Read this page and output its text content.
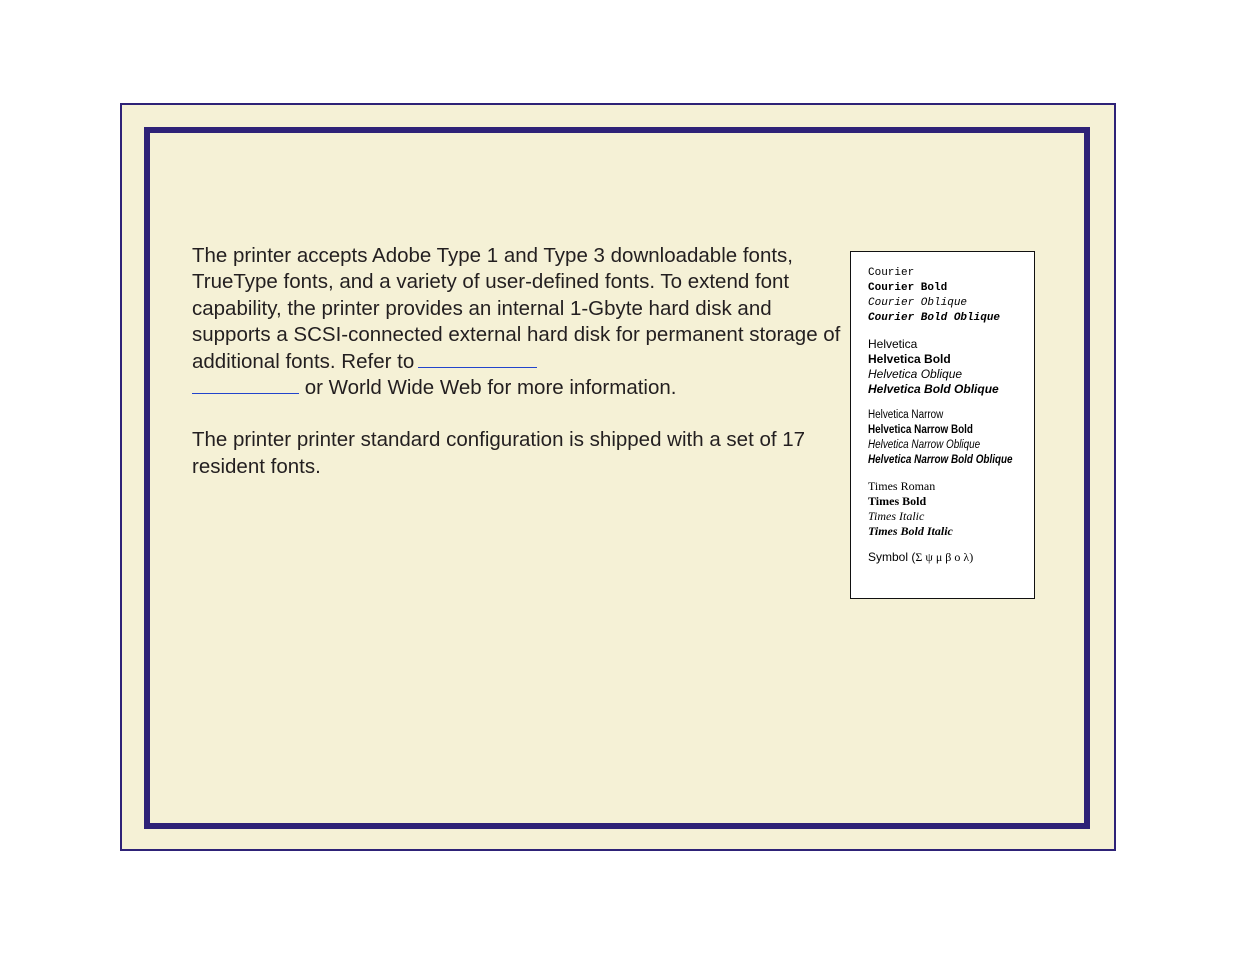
The printer accepts Adobe Type 1 and Type 3 downloadable fonts, TrueType fonts, and a variety of user-defined fonts. To extend font capability, the printer provides an internal 1-Gbyte hard disk and supports a SCSI-connected external hard disk for permanent storage of additional fonts. Refer to
or World Wide Web for more information.

The printer printer standard configuration is shipped with a set of 17 resident fonts.

Courier
Courier Bold
Courier Oblique
Courier Bold Oblique
Helvetica
Helvetica Bold
Helvetica Oblique
Helvetica Bold Oblique
Helvetica Narrow
Helvetica Narrow Bold
Helvetica Narrow Oblique
Helvetica Narrow Bold Oblique
Times Roman
Times Bold
Times Italic
Times Bold Italic
Symbol (Σ ψ μ β ο λ)
